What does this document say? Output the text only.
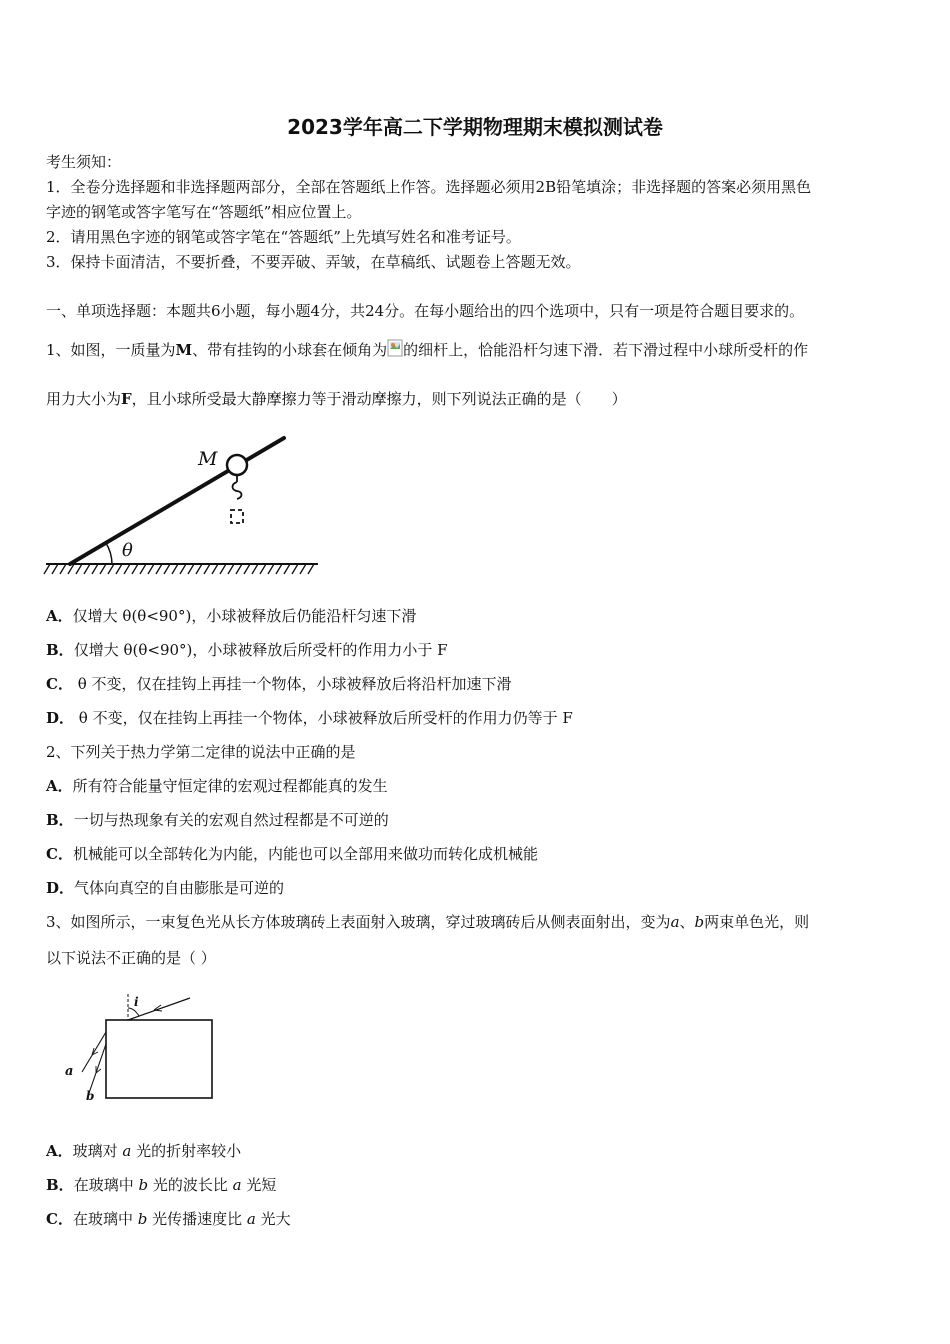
2023学年高二下学期物理期末模拟测试卷
考生须知：
1．全卷分选择题和非选择题两部分，全部在答题纸上作答。选择题必须用2B铅笔填涂；非选择题的答案必须用黑色
字迹的钢笔或答字笔写在“答题纸”相应位置上。
2．请用黑色字迹的钢笔或答字笔在“答题纸”上先填写姓名和准考证号。
3．保持卡面清洁，不要折叠，不要弄破、弄皱，在草稿纸、试题卷上答题无效。
一、单项选择题：本题共6小题，每小题4分，共24分。在每小题给出的四个选项中，只有一项是符合题目要求的。
1、如图，一质量为M、带有挂钩的小球套在倾角为 的细杆上，恰能沿杆匀速下滑．若下滑过程中小球所受杆的作
用力大小为F，且小球所受最大静摩擦力等于滑动摩擦力，则下列说法正确的是（　　）
θ
M
A．仅增大 θ(θ<90°)，小球被释放后仍能沿杆匀速下滑
B．仅增大 θ(θ<90°)，小球被释放后所受杆的作用力小于 F
C． θ 不变，仅在挂钩上再挂一个物体，小球被释放后将沿杆加速下滑
D． θ 不变，仅在挂钩上再挂一个物体，小球被释放后所受杆的作用力仍等于 F
2、下列关于热力学第二定律的说法中正确的是
A．所有符合能量守恒定律的宏观过程都能真的发生
B．一切与热现象有关的宏观自然过程都是不可逆的
C．机械能可以全部转化为内能，内能也可以全部用来做功而转化成机械能
D．气体向真空的自由膨胀是可逆的
3、如图所示，一束复色光从长方体玻璃砖上表面射入玻璃，穿过玻璃砖后从侧表面射出，变为a、b两束单色光，则
以下说法不正确的是（ ）
i
a
b
A．玻璃对 a 光的折射率较小
B．在玻璃中 b 光的波长比 a 光短
C．在玻璃中 b 光传播速度比 a 光大
